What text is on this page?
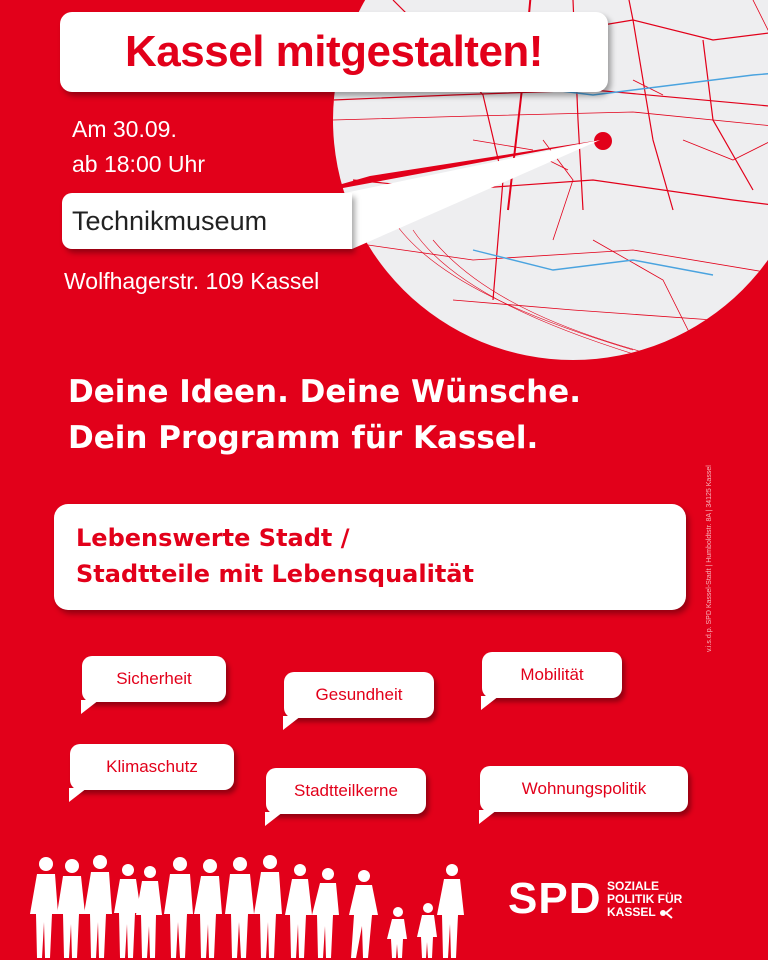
Kassel mitgestalten!
Am 30.09.
ab 18:00 Uhr
Technikmuseum
Wolfhagerstr. 109 Kassel
Deine Ideen. Deine Wünsche.
Dein Programm für Kassel.
Lebenswerte Stadt /
Stadtteile mit Lebensqualität	v.i.s.d.p. SPD Kassel-Stadt | Humboldtstr. 8A | 34125 Kassel
Sicherheit
Gesundheit
Mobilität
Klimaschutz
Stadtteilkerne	Wohnungspolitik
SPD SOZIALE
POLITIK FÜR
KASSEL
